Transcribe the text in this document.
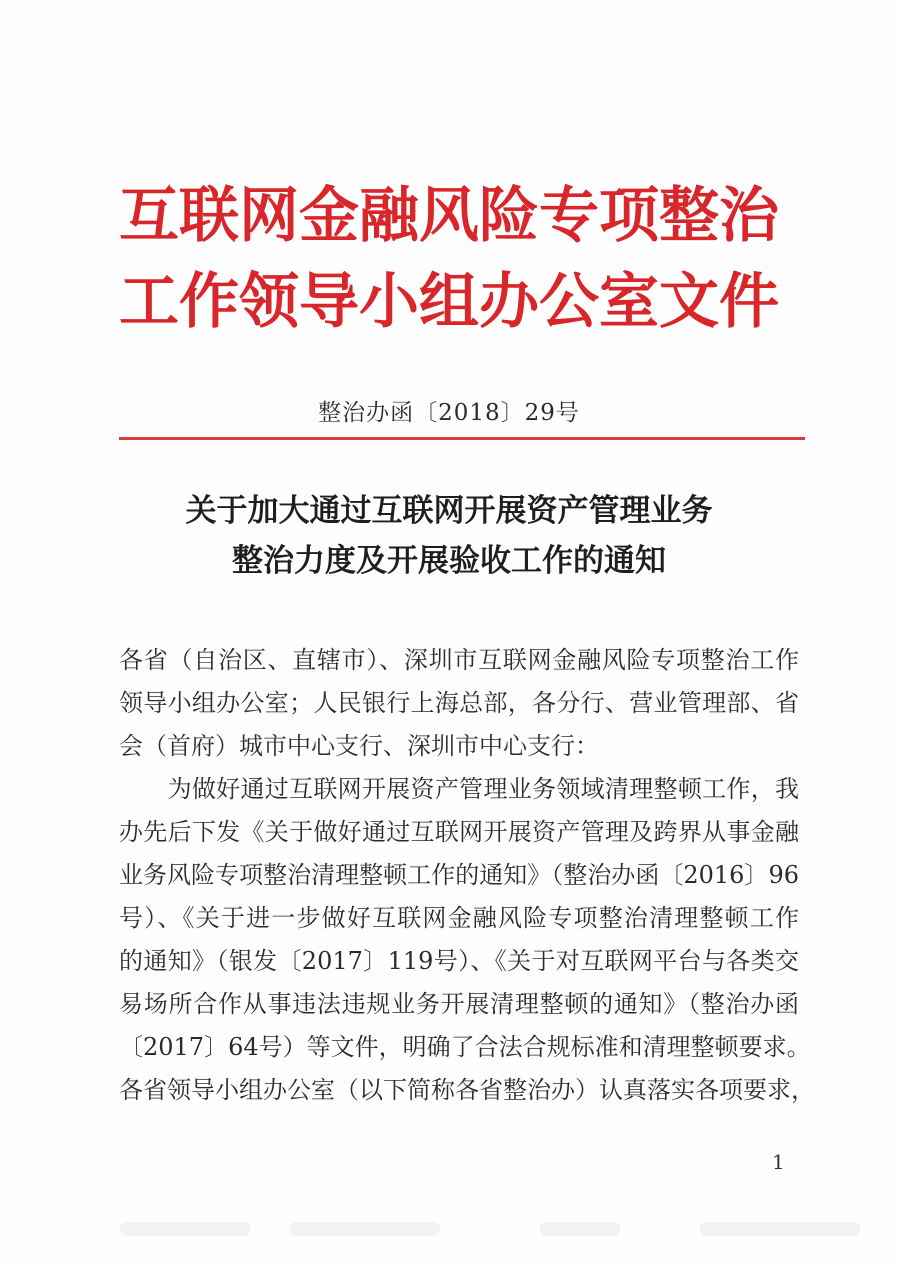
互联网金融风险专项整治
工作领导小组办公室文件
整治办函〔2018〕29号
关于加大通过互联网开展资产管理业务
整治力度及开展验收工作的通知
各省（自治区、直辖市）、深圳市互联网金融风险专项整治工作
领导小组办公室；人民银行上海总部，各分行、营业管理部、省
会（首府）城市中心支行、深圳市中心支行：
　　为做好通过互联网开展资产管理业务领域清理整顿工作，我
办先后下发《关于做好通过互联网开展资产管理及跨界从事金融
业务风险专项整治清理整顿工作的通知》（整治办函〔2016〕96
号）、《关于进一步做好互联网金融风险专项整治清理整顿工作
的通知》（银发〔2017〕119号）、《关于对互联网平台与各类交
易场所合作从事违法违规业务开展清理整顿的通知》（整治办函
〔2017〕64号）等文件，明确了合法合规标准和清理整顿要求。
各省领导小组办公室（以下简称各省整治办）认真落实各项要求，
1
